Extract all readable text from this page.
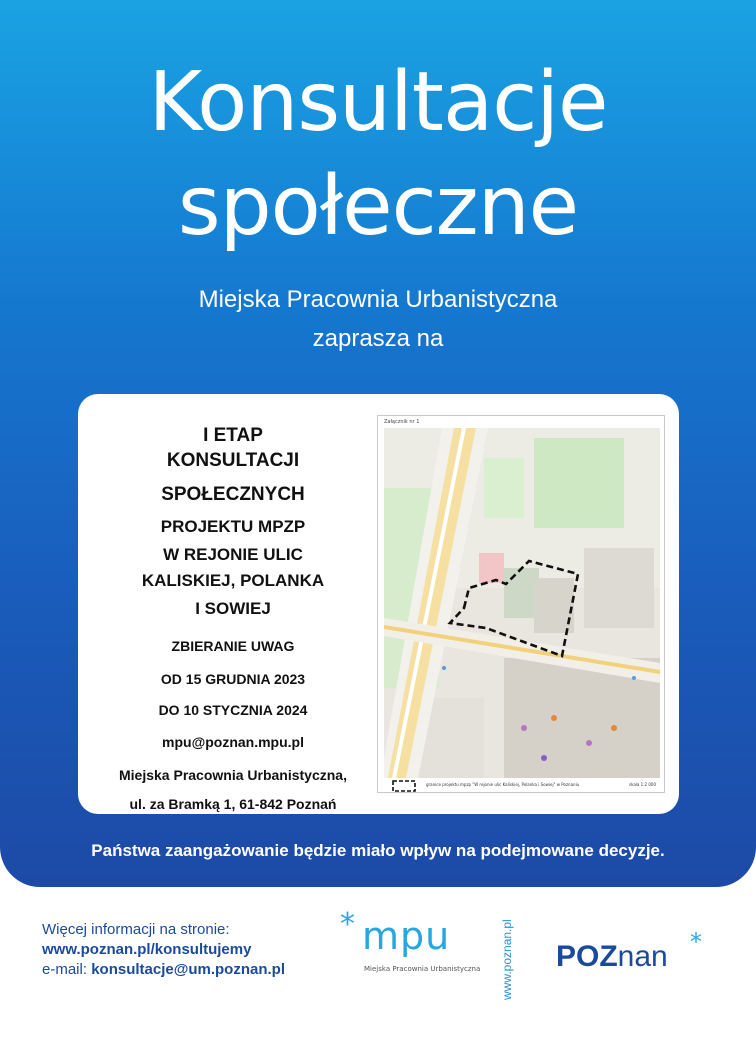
Konsultacje
społeczne
Miejska Pracownia Urbanistyczna
zaprasza na
I ETAP
KONSULTACJI
SPOŁECZNYCH
PROJEKTU MPZP
W REJONIE ULIC
KALISKIEJ, POLANKA
I SOWIEJ
ZBIERANIE UWAG
OD 15 GRUDNIA 2023
DO 10 STYCZNIA 2024
mpu@poznan.mpu.pl
Miejska Pracownia Urbanistyczna,
ul. za Bramką 1, 61-842 Poznań
Załącznik nr 1
granice projektu mpzp "W rejonie ulic Kaliskiej, Polanka i Sowiej" w Poznaniu	skala 1:2 000
Państwa zaangażowanie będzie miało wpływ na podejmowane decyzje.
Więcej informacji na stronie:
www.poznan.pl/konsultujemy
e-mail: konsultacje@um.poznan.pl
* mpu
Miejska Pracownia Urbanistyczna www.poznan.pl POZnan *
